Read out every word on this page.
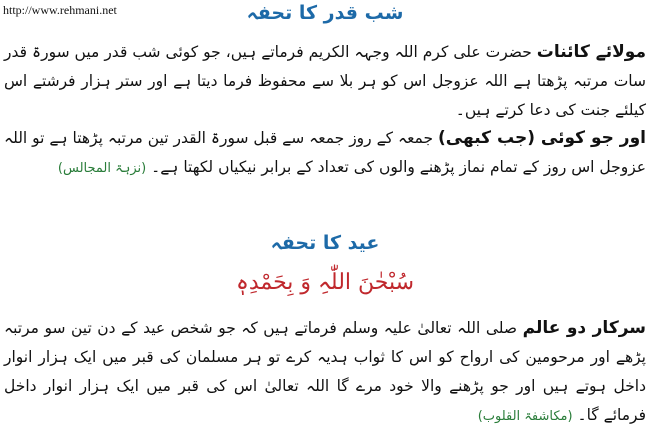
http://www.rehmani.net	شب قدر کا تحفہ
مولائے کائنات حضرت علی کرم اللہ وجہہ الکریم فرماتے ہیں، جو کوئی شب قدر میں سورۃ قدر سات مرتبہ پڑھتا ہے اللہ عزوجل اس کو ہر بلا سے محفوظ فرما دیتا ہے اور ستر ہزار فرشتے اس کیلئے جنت کی دعا کرتے ہیں۔
اور جو کوئی (جب کبھی) جمعہ کے روز جمعہ سے قبل سورۃ القدر تین مرتبہ پڑھتا ہے تو اللہ عزوجل اس روز کے تمام نماز پڑھنے والوں کی تعداد کے برابر نیکیاں لکھتا ہے۔ (نزہۃ المجالس)
عید کا تحفہ
سُبْحٰنَ اللّٰہِ وَ بِحَمْدِہٖ
سرکار دو عالم صلی اللہ تعالیٰ علیہ وسلم فرماتے ہیں کہ جو شخص عید کے دن تین سو مرتبہ پڑھے اور مرحومین کی ارواح کو اس کا ثواب ہدیہ کرے تو ہر مسلمان کی قبر میں ایک ہزار انوار داخل ہوتے ہیں اور جو پڑھنے والا خود مرے گا اللہ تعالیٰ اس کی قبر میں ایک ہزار انوار داخل فرمائے گا۔ (مکاشفۃ القلوب)
